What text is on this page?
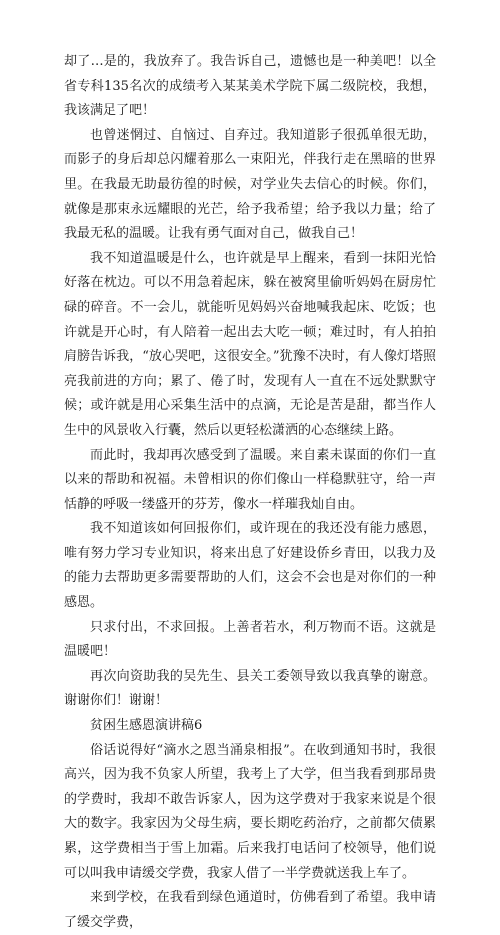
却了…是的，我放弃了。我告诉自己，遗憾也是一种美吧！以全省专科135名次的成绩考入某某美术学院下属二级院校，我想，我该满足了吧！

也曾迷惘过、自恼过、自弃过。我知道影子很孤单很无助，而影子的身后却总闪耀着那么一束阳光，伴我行走在黑暗的世界里。在我最无助最彷徨的时候，对学业失去信心的时候。你们，就像是那束永远耀眼的光芒，给予我希望；给予我以力量；给了我最无私的温暖。让我有勇气面对自己，做我自己！

我不知道温暖是什么，也许就是早上醒来，看到一抹阳光恰好落在枕边。可以不用急着起床，躲在被窝里偷听妈妈在厨房忙碌的碎音。不一会儿，就能听见妈妈兴奋地喊我起床、吃饭；也许就是开心时，有人陪着一起出去大吃一顿；难过时，有人拍拍肩膀告诉我，“放心哭吧，这很安全。”犹豫不决时，有人像灯塔照亮我前进的方向；累了、倦了时，发现有人一直在不远处默默守候；或许就是用心采集生活中的点滴，无论是苦是甜，都当作人生中的风景收入行囊，然后以更轻松潇洒的心态继续上路。

而此时，我却再次感受到了温暖。来自素未谋面的你们一直以来的帮助和祝福。未曾相识的你们像山一样稳默驻守，给一声恬静的呼吸一缕盛开的芬芳，像水一样璀我灿自由。

我不知道该如何回报你们，或许现在的我还没有能力感恩，唯有努力学习专业知识，将来出息了好建设侨乡青田，以我力及的能力去帮助更多需要帮助的人们，这会不会也是对你们的一种感恩。

只求付出，不求回报。上善者若水，利万物而不语。这就是温暖吧！

再次向资助我的吴先生、县关工委领导致以我真挚的谢意。谢谢你们！谢谢！

贫困生感恩演讲稿6

俗话说得好“滴水之恩当涌泉相报”。在收到通知书时，我很高兴，因为我不负家人所望，我考上了大学，但当我看到那昂贵的学费时，我却不敢告诉家人，因为这学费对于我家来说是个很大的数字。我家因为父母生病，要长期吃药治疗，之前都欠债累累，这学费相当于雪上加霜。后来我打电话问了校领导，他们说可以叫我申请缓交学费，我家人借了一半学费就送我上车了。

来到学校，在我看到绿色通道时，仿佛看到了希望。我申请了缓交学费，
